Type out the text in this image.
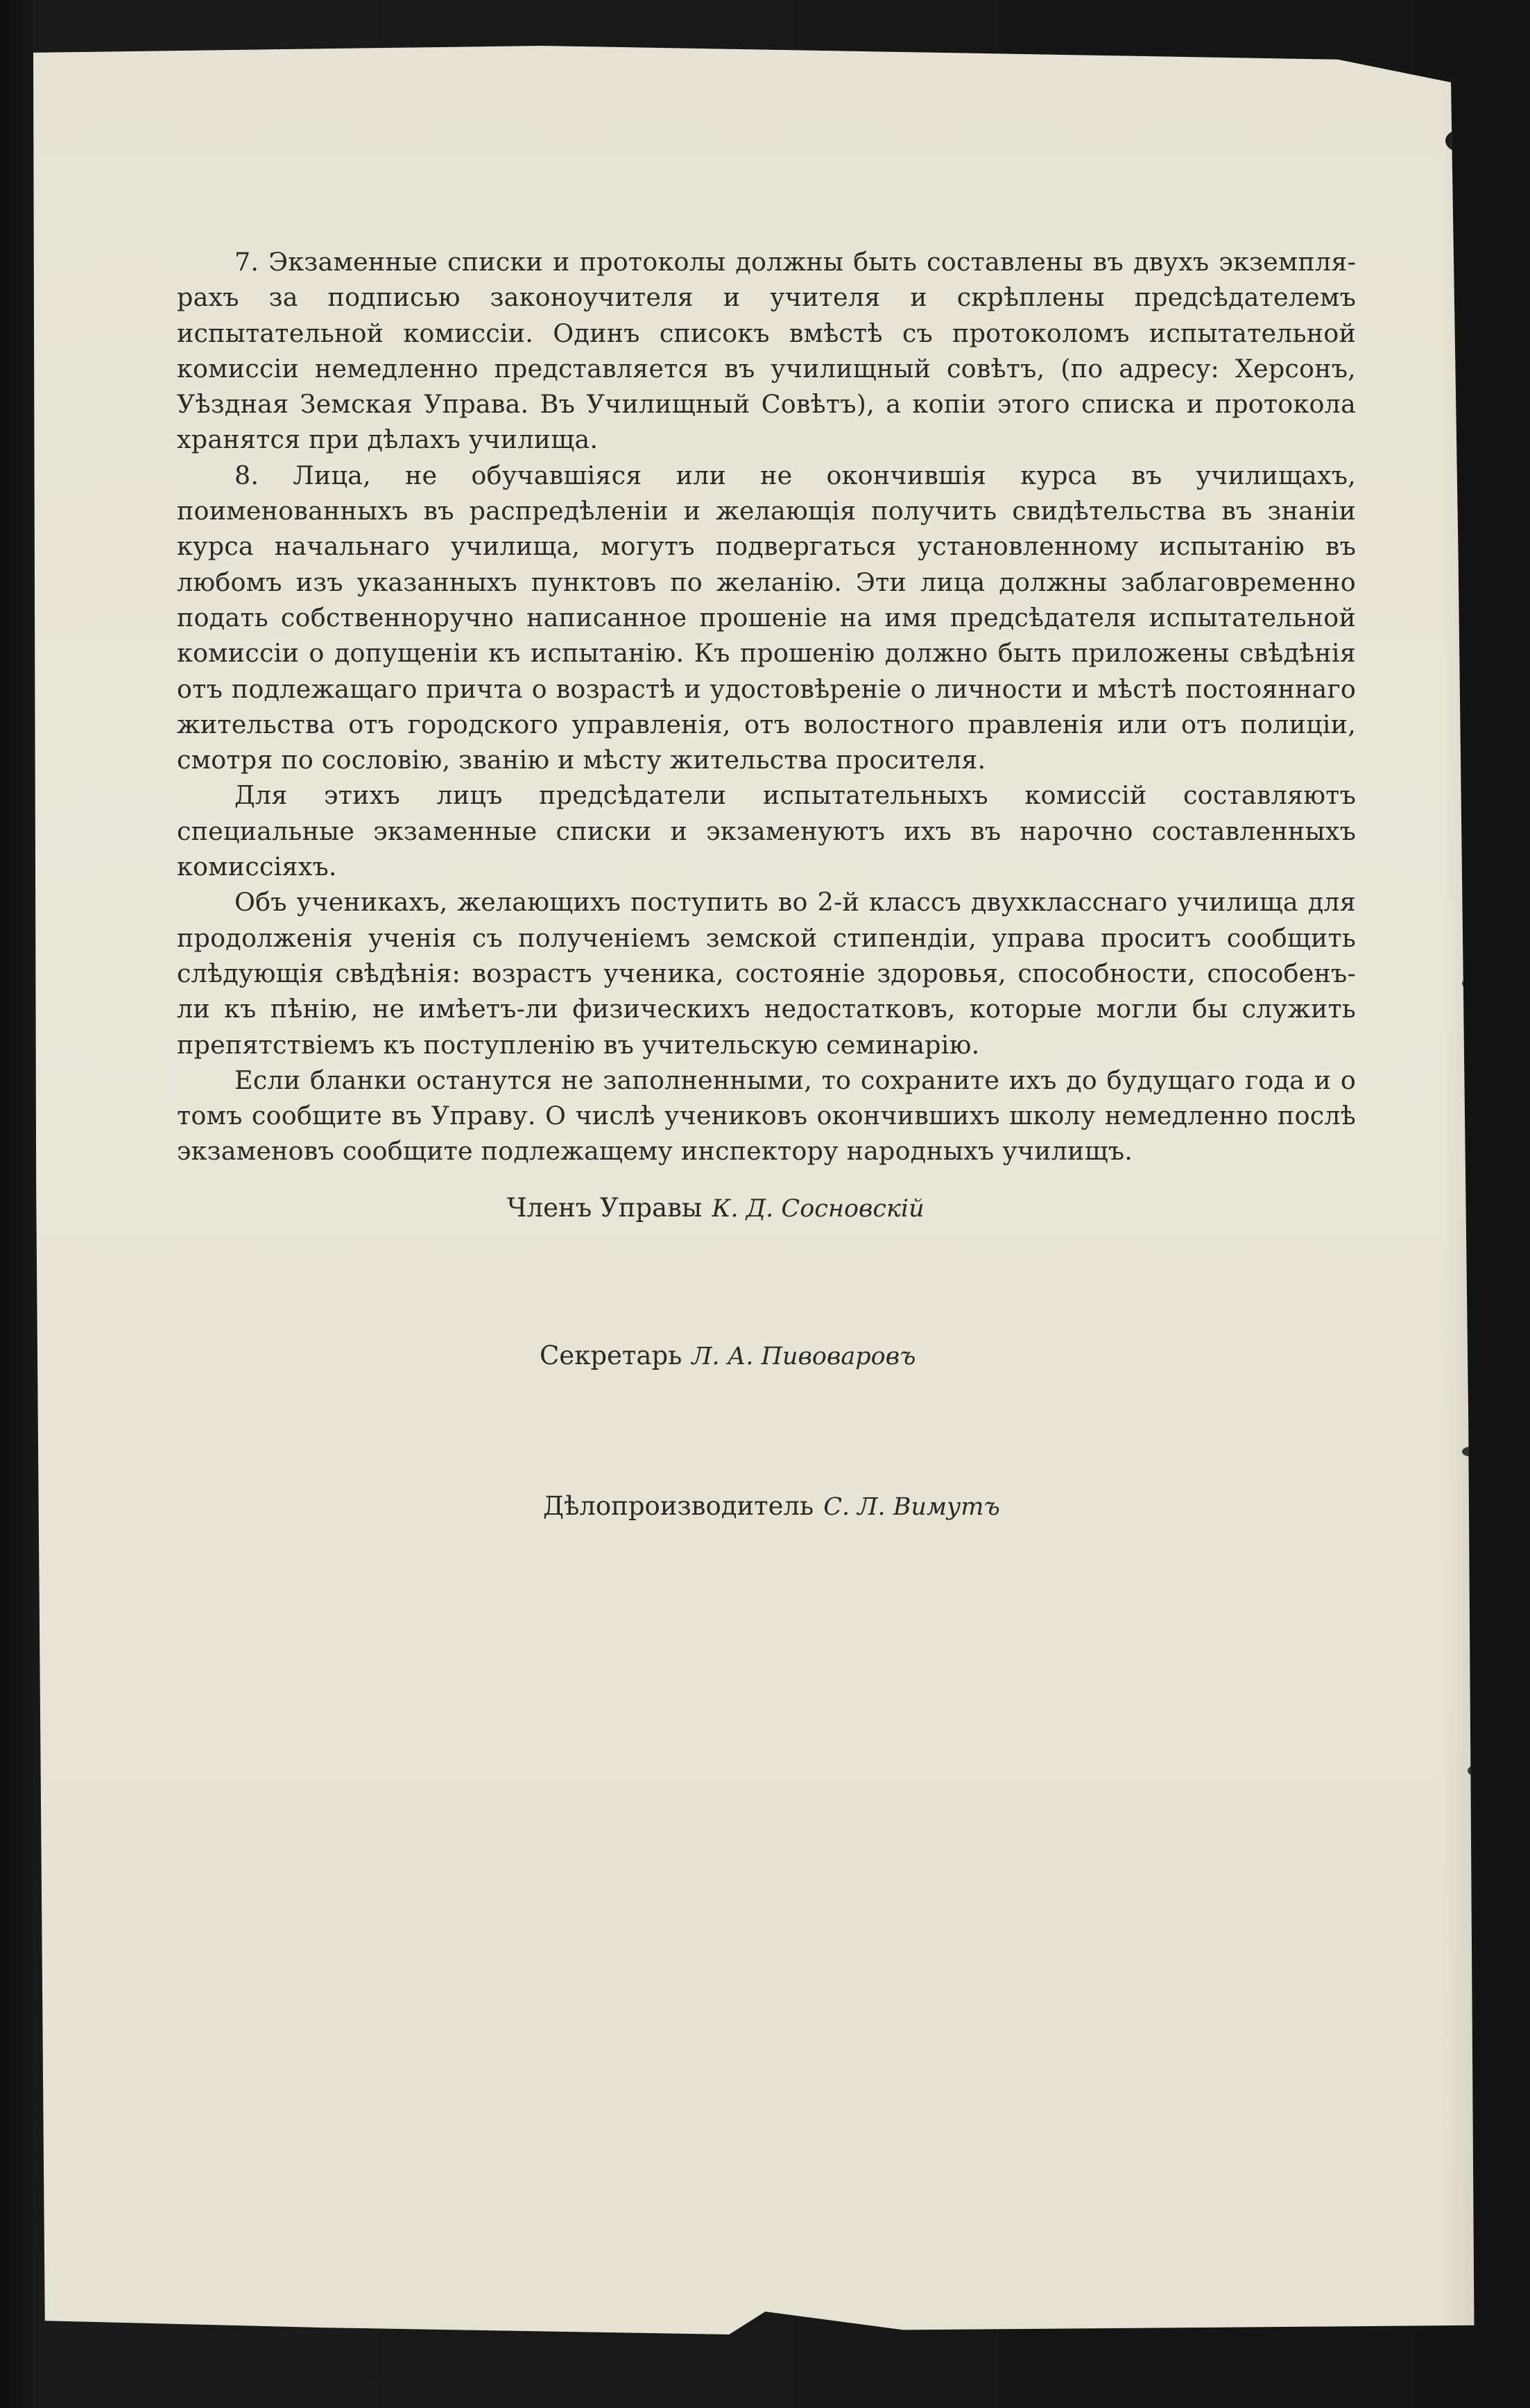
7. Экзаменные списки и протоколы должны быть составлены въ двухъ экземплярахъ за подписью законоучителя и учителя и скрѣплены предсѣдателемъ испытательной комиссіи. Одинъ списокъ вмѣстѣ съ протоколомъ испытательной комиссіи немедленно представляется въ училищный совѣтъ, (по адресу: Херсонъ, Уѣздная Земская Управа. Въ Училищный Совѣтъ), а копіи этого списка и протокола хранятся при дѣлахъ училища.

8. Лица, не обучавшіяся или не окончившія курса въ училищахъ, поименованныхъ въ распредѣленіи и желающія получить свидѣтельства въ знаніи курса начальнаго училища, могутъ подвергаться установленному испытанію въ любомъ изъ указанныхъ пунктовъ по желанію. Эти лица должны заблаговременно подать собственноручно написанное прошеніе на имя предсѣдателя испытательной комиссіи о допущеніи къ испытанію. Къ прошенію должно быть приложены свѣдѣнія отъ подлежащаго причта о возрастѣ и удостовѣреніе о личности и мѣстѣ постояннаго жительства отъ городского управленія, отъ волостного правленія или отъ полиціи, смотря по сословію, званію и мѣсту жительства просителя.

Для этихъ лицъ предсѣдатели испытательныхъ комиссій составляютъ специальные экзаменные списки и экзаменуютъ ихъ въ нарочно составленныхъ комиссіяхъ.

Объ ученикахъ, желающихъ поступить во 2-й классъ двухкласснаго училища для продолженія ученія съ полученіемъ земской стипендіи, управа проситъ сообщить слѣдующія свѣдѣнія: возрастъ ученика, состояніе здоровья, способности, способенъ-ли къ пѣнію, не имѣетъ-ли физическихъ недостатковъ, которые могли бы служить препятствіемъ къ поступленію въ учительскую семинарію.

Если бланки останутся не заполненными, то сохраните ихъ до будущаго года и о томъ сообщите въ Управу. О числѣ учениковъ окончившихъ школу немедленно послѣ экзаменовъ сообщите подлежащему инспектору народныхъ училищъ.

Членъ Управы К. Д. Сосновскій
Секретарь Л. А. Пивоваровъ
Дѣлопроизводитель С. Л. Вимутъ
